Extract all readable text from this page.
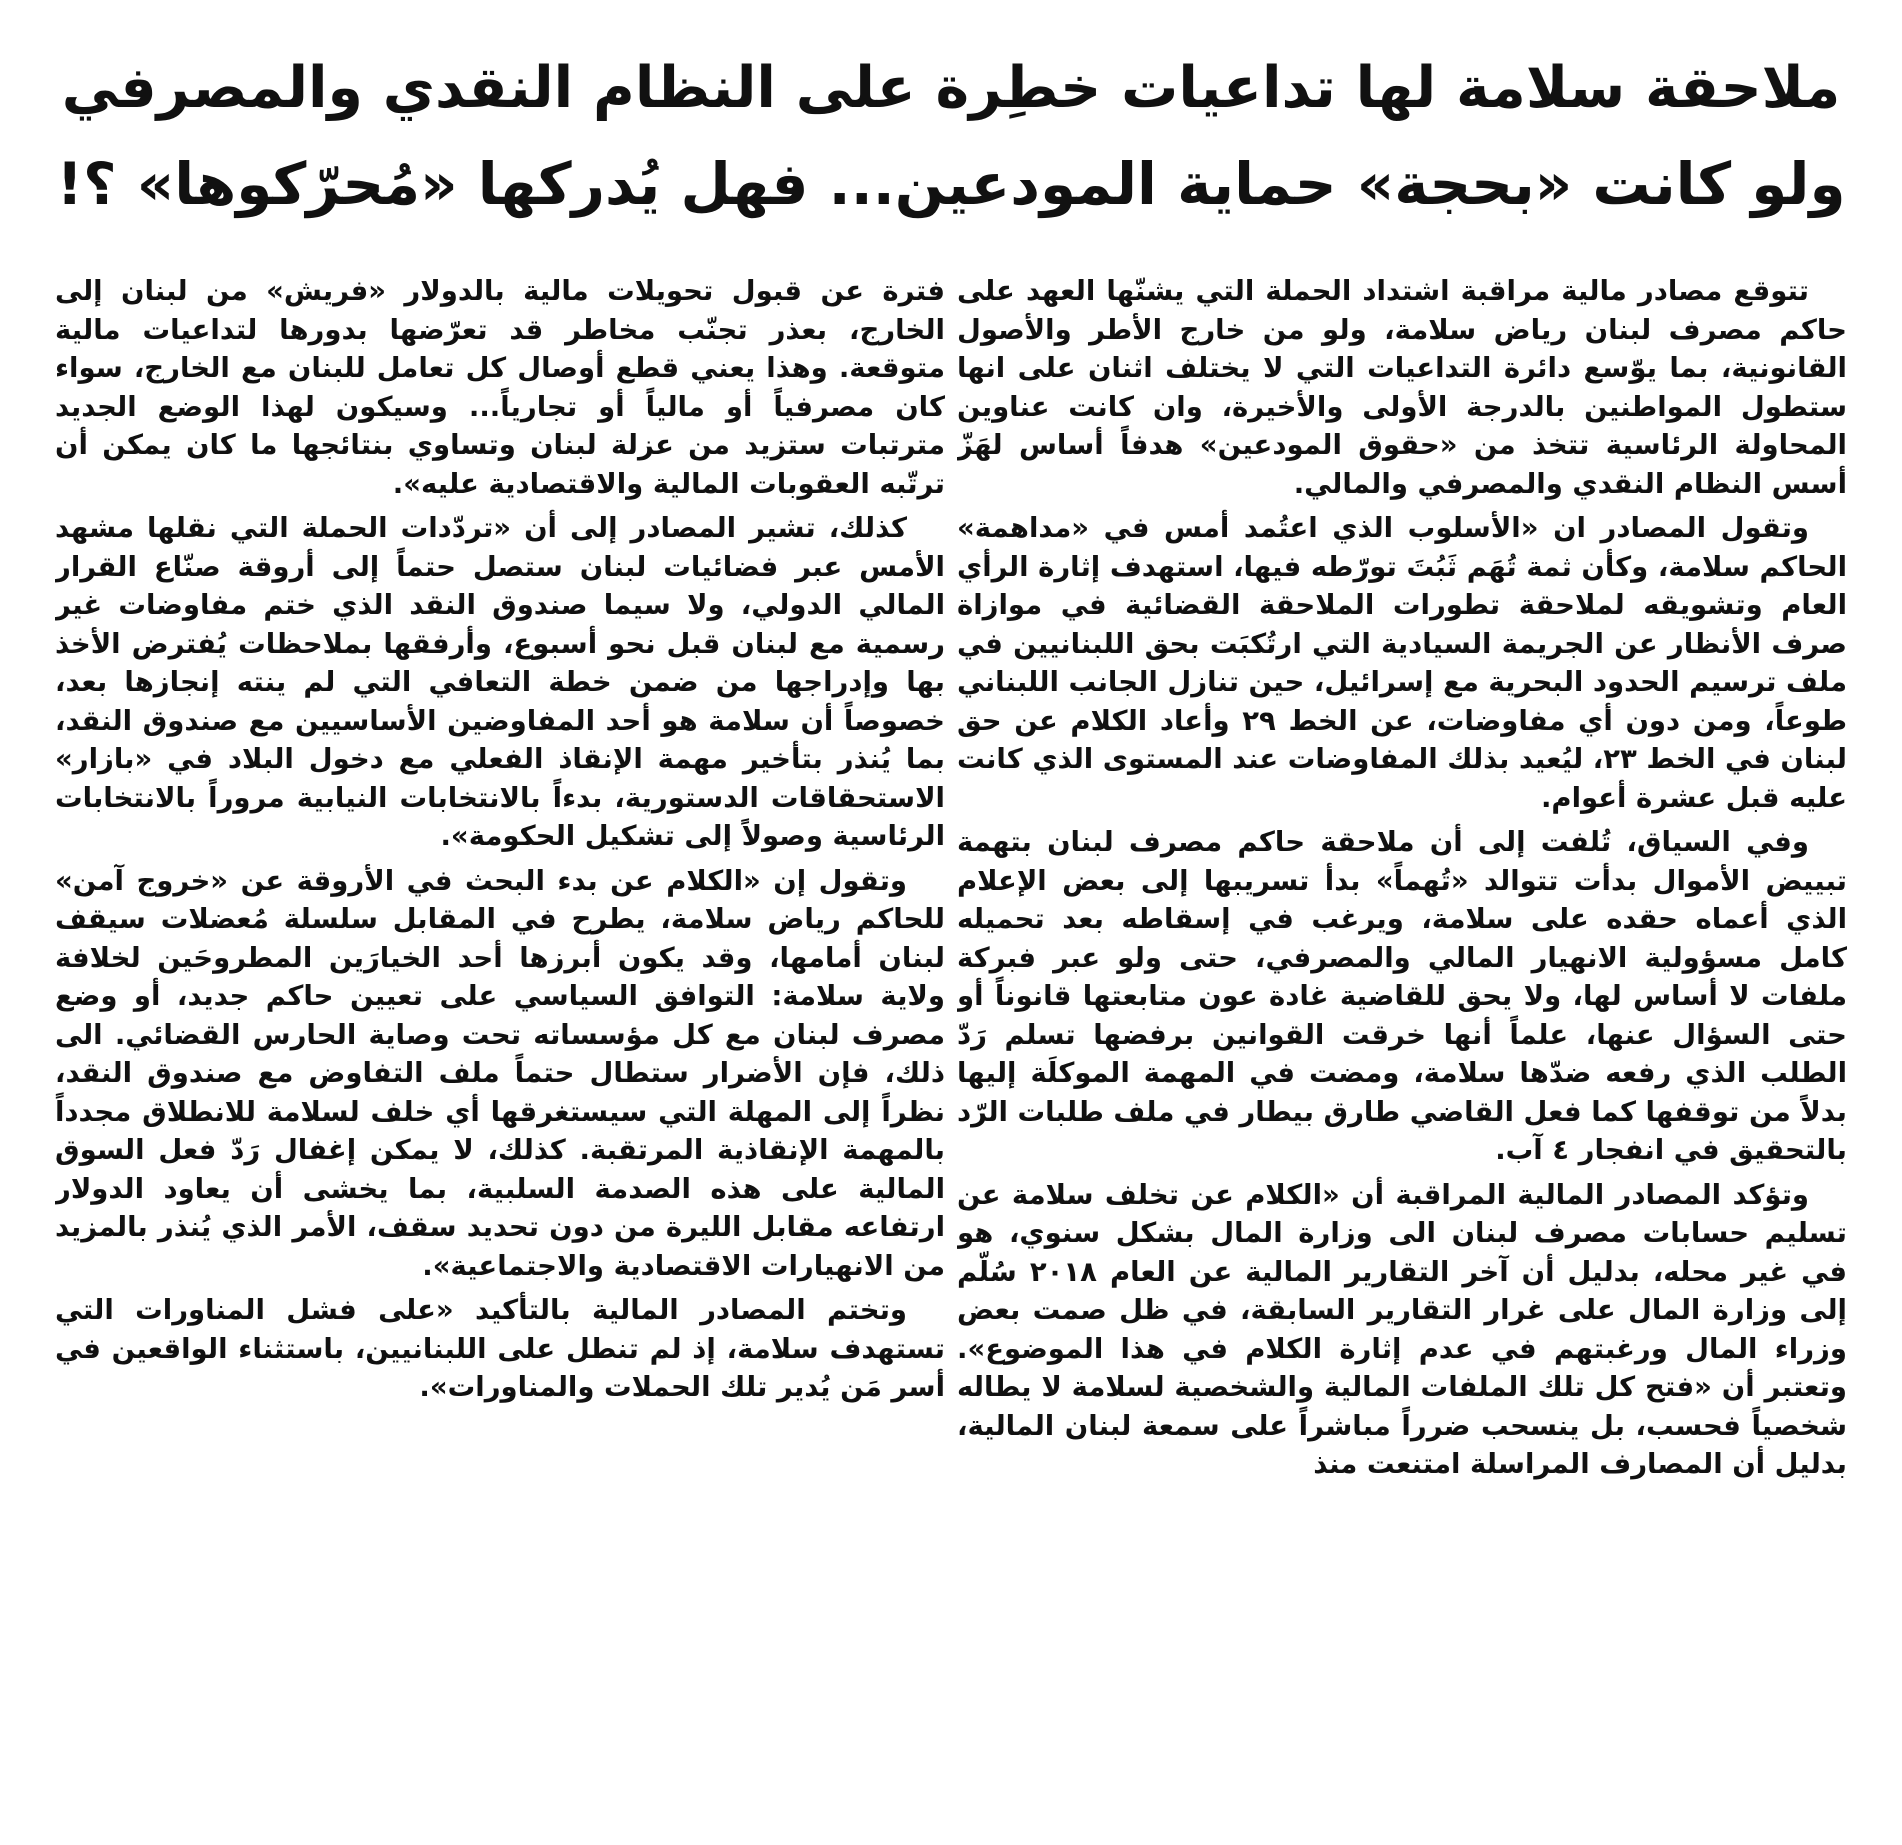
ملاحقة سلامة لها تداعيات خطِرة على النظام النقدي والمصرفي
ولو كانت «بحجة» حماية المودعين... فهل يُدركها «مُحرّكوها» ؟!

تتوقع مصادر مالية مراقبة اشتداد الحملة التي يشنّها العهد على حاكم مصرف لبنان رياض سلامة، ولو من خارج الأطر والأصول القانونية، بما يوّسع دائرة التداعيات التي لا يختلف اثنان على انها ستطول المواطنين بالدرجة الأولى والأخيرة، وان كانت عناوين المحاولة الرئاسية تتخذ من «حقوق المودعين» هدفاً أساس لهَزّ أسس النظام النقدي والمصرفي والمالي.

وتقول المصادر ان «الأسلوب الذي اعتُمد أمس في «مداهمة» الحاكم سلامة، وكأن ثمة تُهَم ثَبُتَ تورّطه فيها، استهدف إثارة الرأي العام وتشويقه لملاحقة تطورات الملاحقة القضائية في موازاة صرف الأنظار عن الجريمة السيادية التي ارتُكبَت بحق اللبنانيين في ملف ترسيم الحدود البحرية مع إسرائيل، حين تنازل الجانب اللبناني طوعاً، ومن دون أي مفاوضات، عن الخط ٢٩ وأعاد الكلام عن حق لبنان في الخط ٢٣، ليُعيد بذلك المفاوضات عند المستوى الذي كانت عليه قبل عشرة أعوام.

وفي السياق، تُلفت إلى أن ملاحقة حاكم مصرف لبنان بتهمة تبييض الأموال بدأت تتوالد «تُهماً» بدأ تسريبها إلى بعض الإعلام الذي أعماه حقده على سلامة، ويرغب في إسقاطه بعد تحميله كامل مسؤولية الانهيار المالي والمصرفي، حتى ولو عبر فبركة ملفات لا أساس لها، ولا يحق للقاضية غادة عون متابعتها قانوناً أو حتى السؤال عنها، علماً أنها خرقت القوانين برفضها تسلم رَدّ الطلب الذي رفعه ضدّها سلامة، ومضت في المهمة الموكلَة إليها بدلاً من توقفها كما فعل القاضي طارق بيطار في ملف طلبات الرّد بالتحقيق في انفجار ٤ آب.

وتؤكد المصادر المالية المراقبة أن «الكلام عن تخلف سلامة عن تسليم حسابات مصرف لبنان الى وزارة المال بشكل سنوي، هو في غير محله، بدليل أن آخر التقارير المالية عن العام ٢٠١٨ سُلّم إلى وزارة المال على غرار التقارير السابقة، في ظل صمت بعض وزراء المال ورغبتهم في عدم إثارة الكلام في هذا الموضوع». وتعتبر أن «فتح كل تلك الملفات المالية والشخصية لسلامة لا يطاله شخصياً فحسب، بل ينسحب ضرراً مباشراً على سمعة لبنان المالية، بدليل أن المصارف المراسلة امتنعت منذ

فترة عن قبول تحويلات مالية بالدولار «فريش» من لبنان إلى الخارج، بعذر تجنّب مخاطر قد تعرّضها بدورها لتداعيات مالية متوقعة. وهذا يعني قطع أوصال كل تعامل للبنان مع الخارج، سواء كان مصرفياً أو مالياً أو تجارياً... وسيكون لهذا الوضع الجديد مترتبات ستزيد من عزلة لبنان وتساوي بنتائجها ما كان يمكن أن ترتّبه العقوبات المالية والاقتصادية عليه».

كذلك، تشير المصادر إلى أن «تردّدات الحملة التي نقلها مشهد الأمس عبر فضائيات لبنان ستصل حتماً إلى أروقة صنّاع القرار المالي الدولي، ولا سيما صندوق النقد الذي ختم مفاوضات غير رسمية مع لبنان قبل نحو أسبوع، وأرفقها بملاحظات يُفترض الأخذ بها وإدراجها من ضمن خطة التعافي التي لم ينته إنجازها بعد، خصوصاً أن سلامة هو أحد المفاوضين الأساسيين مع صندوق النقد، بما يُنذر بتأخير مهمة الإنقاذ الفعلي مع دخول البلاد في «بازار» الاستحقاقات الدستورية، بدءاً بالانتخابات النيابية مروراً بالانتخابات الرئاسية وصولاً إلى تشكيل الحكومة».

وتقول إن «الكلام عن بدء البحث في الأروقة عن «خروج آمن» للحاكم رياض سلامة، يطرح في المقابل سلسلة مُعضلات سيقف لبنان أمامها، وقد يكون أبرزها أحد الخيارَين المطروحَين لخلافة ولاية سلامة: التوافق السياسي على تعيين حاكم جديد، أو وضع مصرف لبنان مع كل مؤسساته تحت وصاية الحارس القضائي. الى ذلك، فإن الأضرار ستطال حتماً ملف التفاوض مع صندوق النقد، نظراً إلى المهلة التي سيستغرقها أي خلف لسلامة للانطلاق مجدداً بالمهمة الإنقاذية المرتقبة. كذلك، لا يمكن إغفال رَدّ فعل السوق المالية على هذه الصدمة السلبية، بما يخشى أن يعاود الدولار ارتفاعه مقابل الليرة من دون تحديد سقف، الأمر الذي يُنذر بالمزيد من الانهيارات الاقتصادية والاجتماعية».

وتختم المصادر المالية بالتأكيد «على فشل المناورات التي تستهدف سلامة، إذ لم تنطل على اللبنانيين، باستثناء الواقعين في أسر مَن يُدير تلك الحملات والمناورات».
